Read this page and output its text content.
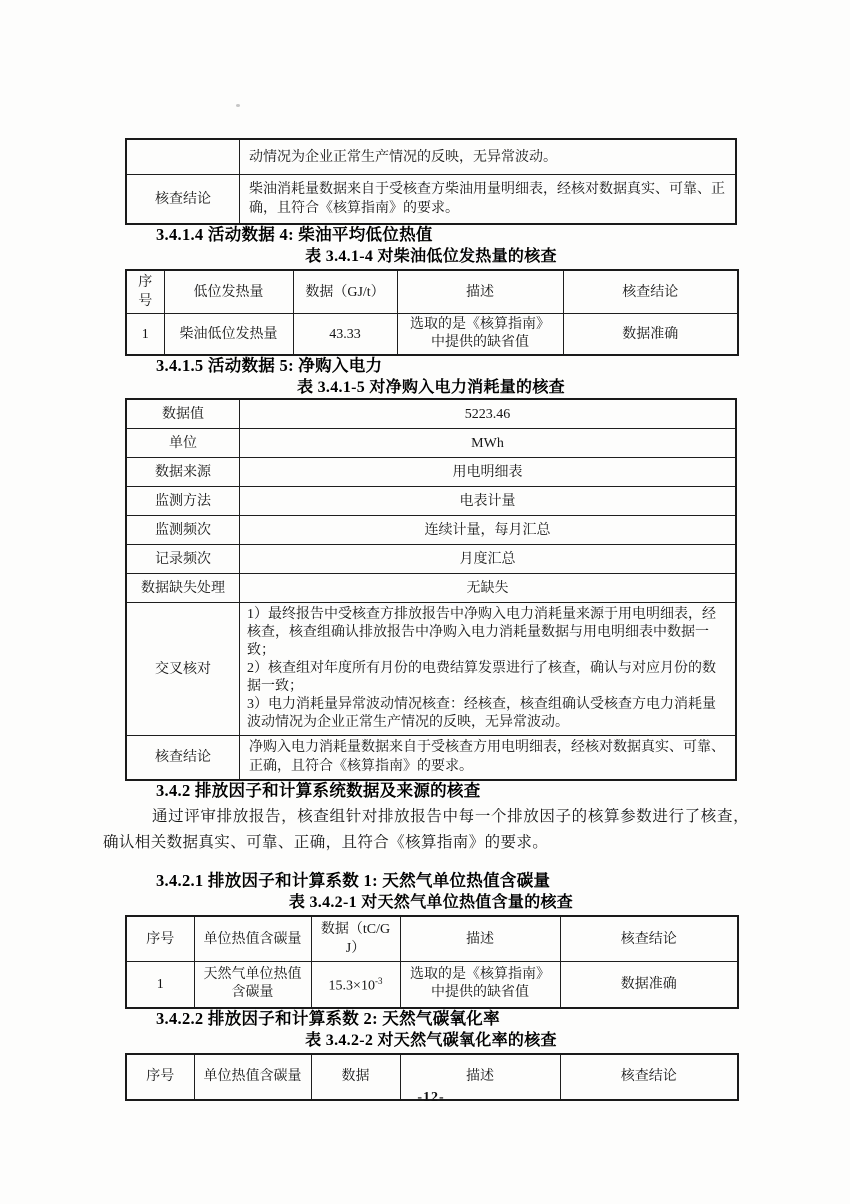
	动情况为企业正常生产情况的反映，无异常波动。
核查结论	柴油消耗量数据来自于受核查方柴油用量明细表，经核对数据真实、可靠、正确，且符合《核算指南》的要求。
3.4.1.4 活动数据 4: 柴油平均低位热值
表 3.4.1-4 对柴油低位发热量的核查
序号	低位发热量	数据（GJ/t）	描述	核查结论
1	柴油低位发热量	43.33	选取的是《核算指南》中提供的缺省值	数据准确
3.4.1.5 活动数据 5: 净购入电力
表 3.4.1-5 对净购入电力消耗量的核查
数据值	5223.46
单位	MWh
数据来源	用电明细表
监测方法	电表计量
监测频次	连续计量，每月汇总
记录频次	月度汇总
数据缺失处理	无缺失
交叉核对	1）最终报告中受核查方排放报告中净购入电力消耗量来源于用电明细表，经核查，核查组确认排放报告中净购入电力消耗量数据与用电明细表中数据一致；
2）核查组对年度所有月份的电费结算发票进行了核查，确认与对应月份的数据一致；
3）电力消耗量异常波动情况核查：经核查，核查组确认受核查方电力消耗量波动情况为企业正常生产情况的反映，无异常波动。

核查结论	净购入电力消耗量数据来自于受核查方用电明细表，经核对数据真实、可靠、正确，且符合《核算指南》的要求。
3.4.2 排放因子和计算系统数据及来源的核查

通过评审排放报告，核查组针对排放报告中每一个排放因子的核算参数进行了核查，确认相关数据真实、可靠、正确，且符合《核算指南》的要求。

3.4.2.1 排放因子和计算系数 1: 天然气单位热值含碳量
表 3.4.2-1 对天然气单位热值含量的核查
序号	单位热值含碳量	数据（tC/GJ）	描述	核查结论
1	天然气单位热值含碳量	$15.3\times 10^{-3}$	选取的是《核算指南》中提供的缺省值	数据准确
3.4.2.2 排放因子和计算系数 2: 天然气碳氧化率
表 3.4.2-2 对天然气碳氧化率的核查
序号	单位热值含碳量	数据	描述	核查结论
-12-
